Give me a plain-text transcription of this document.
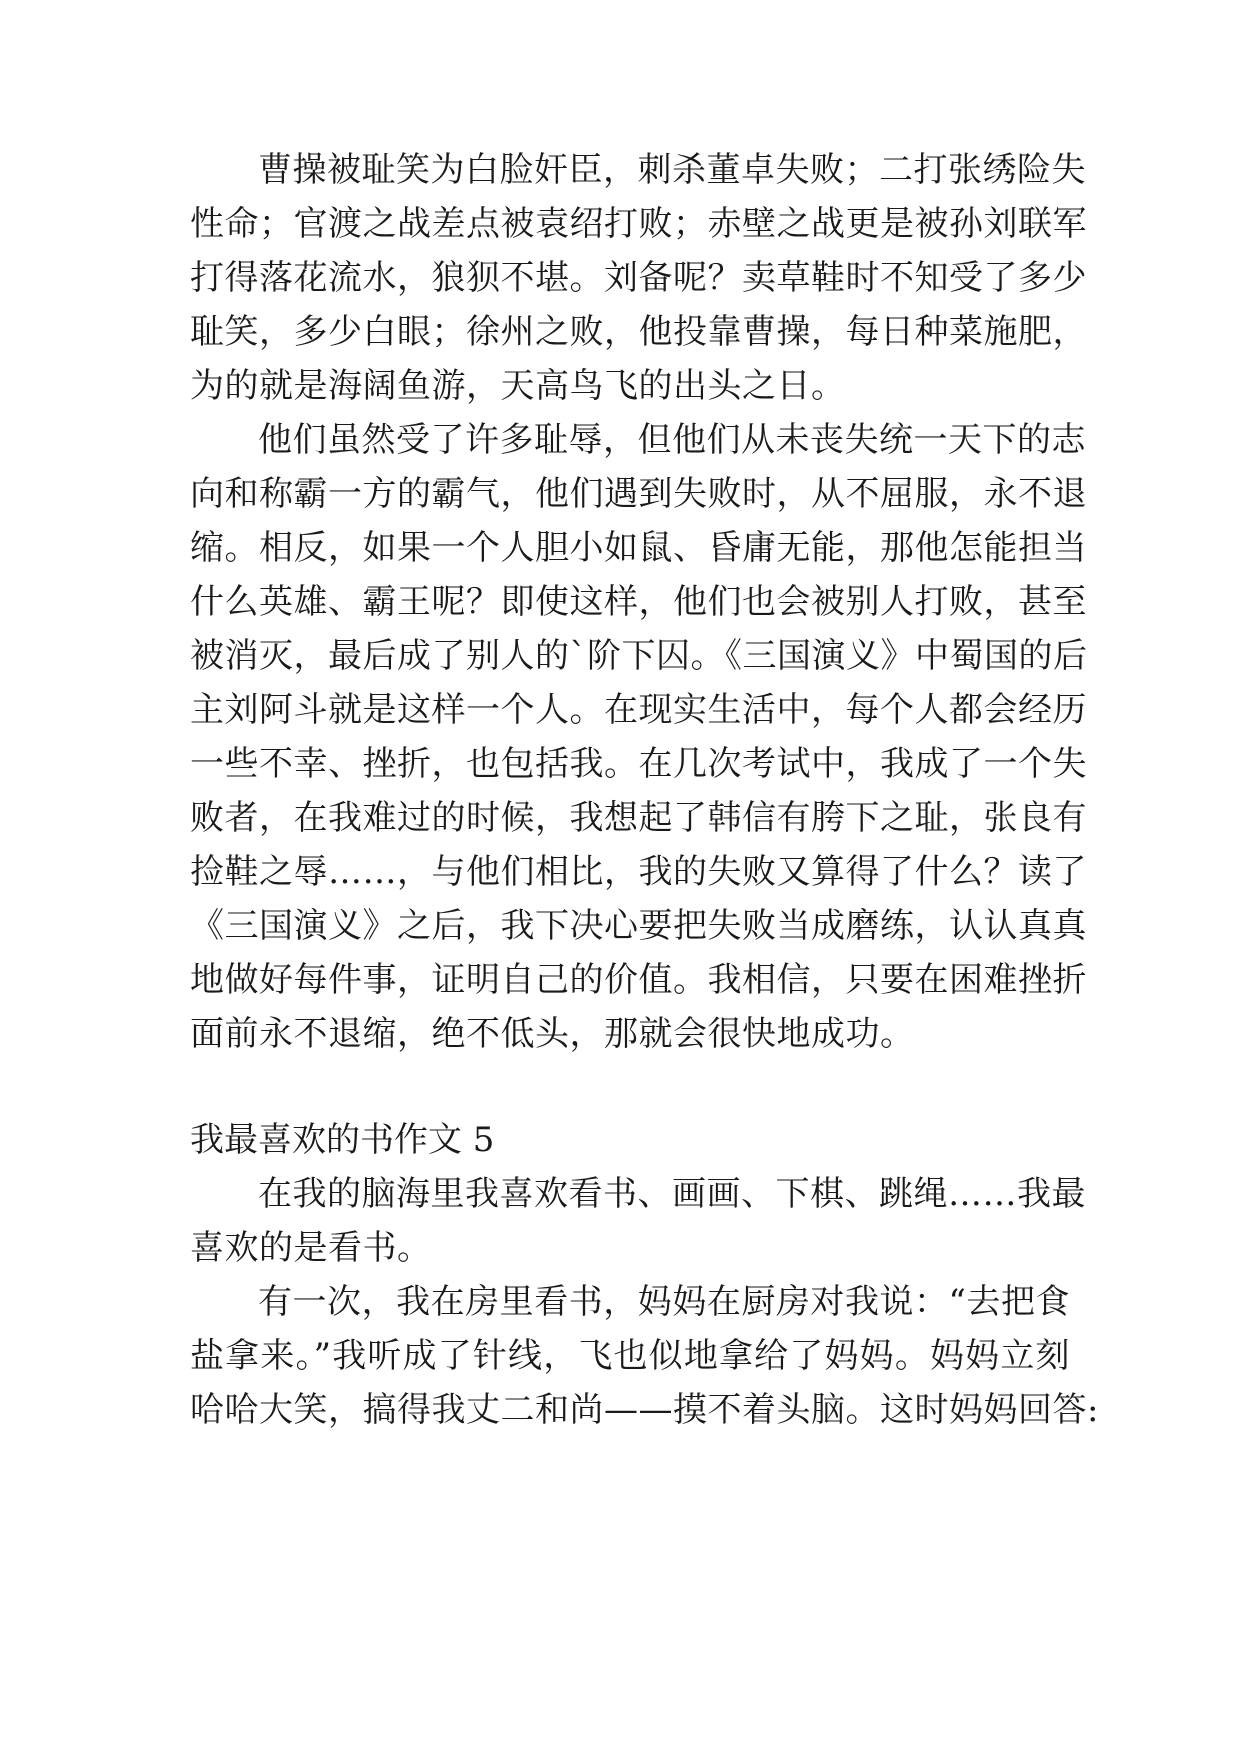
曹操被耻笑为白脸奸臣，刺杀董卓失败；二打张绣险失
性命；官渡之战差点被袁绍打败；赤壁之战更是被孙刘联军
打得落花流水，狼狈不堪。刘备呢？卖草鞋时不知受了多少
耻笑，多少白眼；徐州之败，他投靠曹操，每日种菜施肥，
为的就是海阔鱼游，天高鸟飞的出头之日。
他们虽然受了许多耻辱，但他们从未丧失统一天下的志
向和称霸一方的霸气，他们遇到失败时，从不屈服，永不退
缩。相反，如果一个人胆小如鼠、昏庸无能，那他怎能担当
什么英雄、霸王呢？即使这样，他们也会被别人打败，甚至
被消灭，最后成了别人的`阶下囚。《三国演义》中蜀国的后
主刘阿斗就是这样一个人。在现实生活中，每个人都会经历
一些不幸、挫折，也包括我。在几次考试中，我成了一个失
败者，在我难过的时候，我想起了韩信有胯下之耻，张良有
捡鞋之辱……，与他们相比，我的失败又算得了什么？读了
《三国演义》之后，我下决心要把失败当成磨练，认认真真
地做好每件事，证明自己的价值。我相信，只要在困难挫折
面前永不退缩，绝不低头，那就会很快地成功。
我最喜欢的书作文 5
在我的脑海里我喜欢看书、画画、下棋、跳绳……我最
喜欢的是看书。
有一次，我在房里看书，妈妈在厨房对我说：“去把食
盐拿来。”我听成了针线，飞也似地拿给了妈妈。妈妈立刻
哈哈大笑，搞得我丈二和尚——摸不着头脑。这时妈妈回答:
